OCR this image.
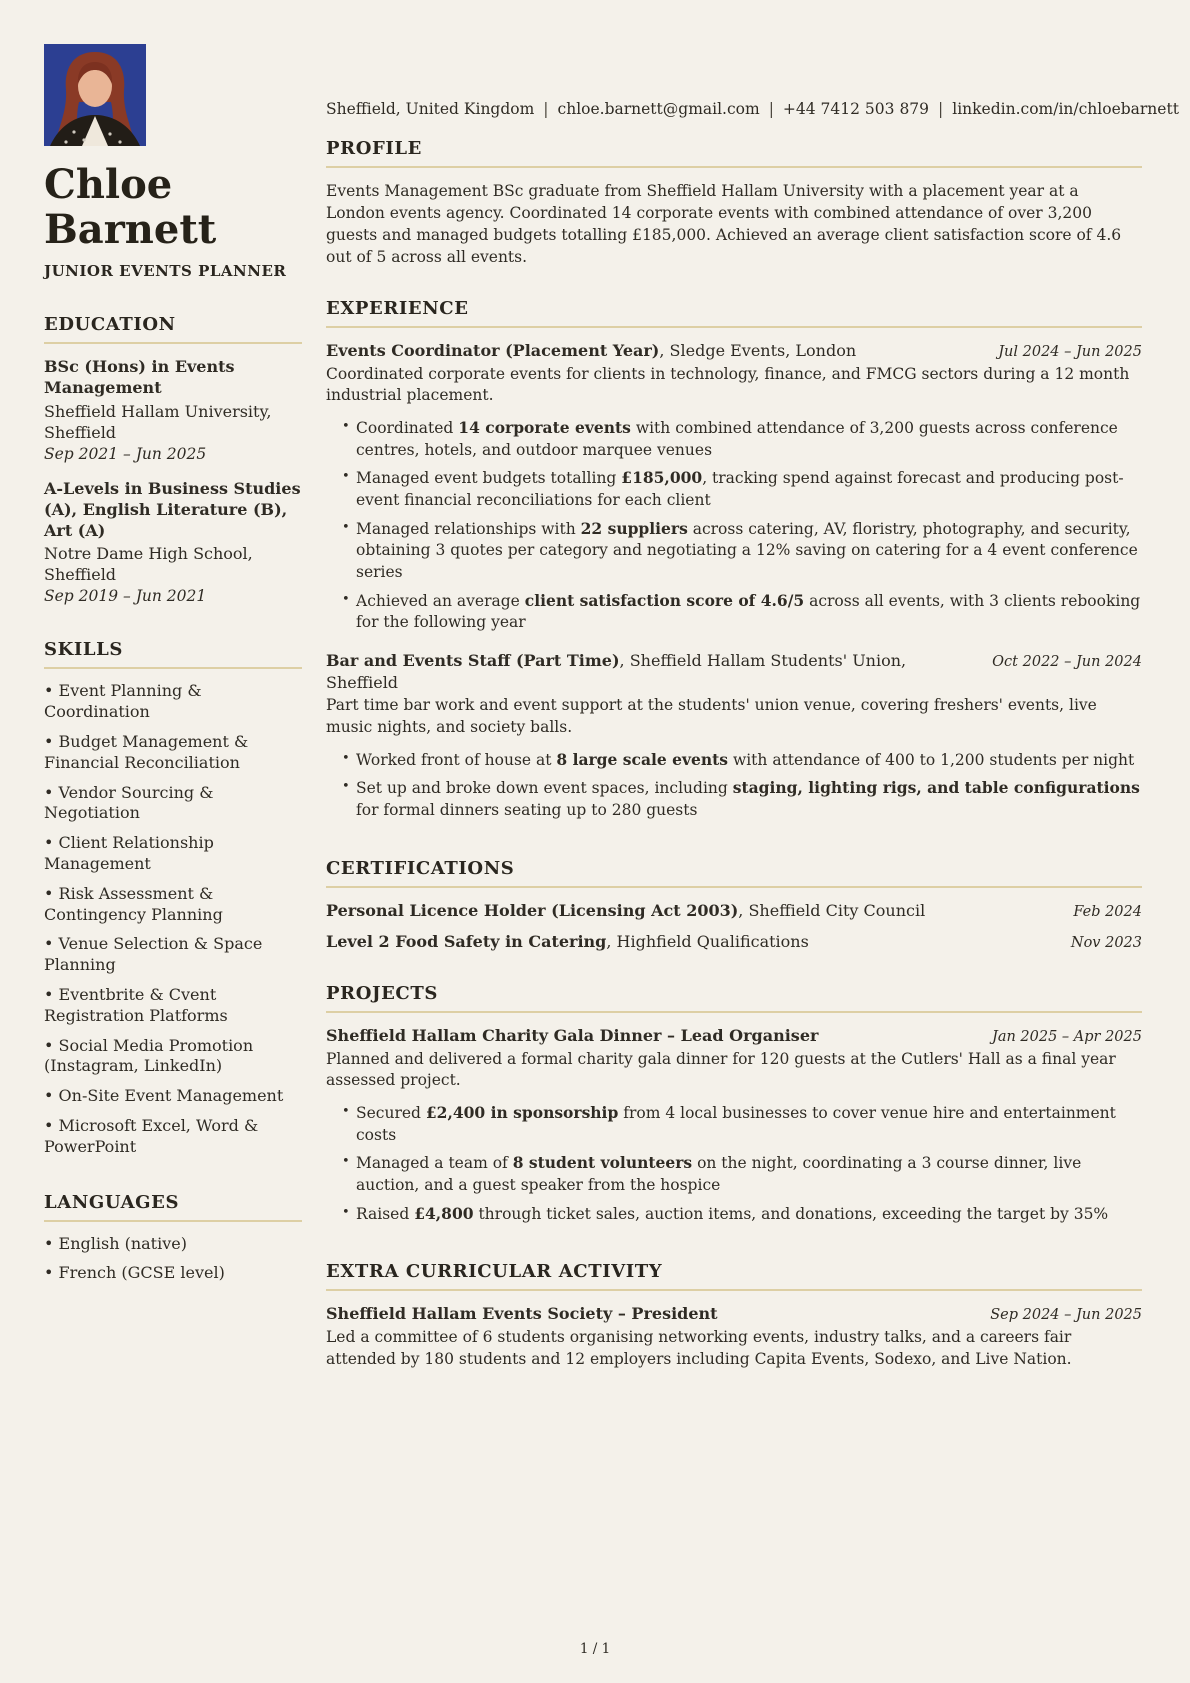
Chloe Barnett
JUNIOR EVENTS PLANNER
EDUCATION
BSc (Hons) in Events Management
Sheffield Hallam University, Sheffield
Sep 2021 – Jun 2025
A-Levels in Business Studies (A), English Literature (B), Art (A)
Notre Dame High School, Sheffield
Sep 2019 – Jun 2021
SKILLS
• Event Planning & Coordination
• Budget Management & Financial Reconciliation
• Vendor Sourcing & Negotiation
• Client Relationship Management
• Risk Assessment & Contingency Planning
• Venue Selection & Space Planning
• Eventbrite & Cvent Registration Platforms
• Social Media Promotion (Instagram, LinkedIn)
• On-Site Event Management
• Microsoft Excel, Word & PowerPoint
LANGUAGES
• English (native)
• French (GCSE level)
Sheffield, United Kingdom | chloe.barnett@gmail.com | +44 7412 503 879 | linkedin.com/in/chloebarnett
PROFILE
Events Management BSc graduate from Sheffield Hallam University with a placement year at a London events agency. Coordinated 14 corporate events with combined attendance of over 3,200 guests and managed budgets totalling £185,000. Achieved an average client satisfaction score of 4.6 out of 5 across all events.
EXPERIENCE
Events Coordinator (Placement Year), Sledge Events, London	Jul 2024 – Jun 2025
Coordinated corporate events for clients in technology, finance, and FMCG sectors during a 12 month industrial placement.
• Coordinated 14 corporate events with combined attendance of 3,200 guests across conference centres, hotels, and outdoor marquee venues
• Managed event budgets totalling £185,000, tracking spend against forecast and producing post-event financial reconciliations for each client
• Managed relationships with 22 suppliers across catering, AV, floristry, photography, and security, obtaining 3 quotes per category and negotiating a 12% saving on catering for a 4 event conference series
• Achieved an average client satisfaction score of 4.6/5 across all events, with 3 clients rebooking for the following year
Bar and Events Staff (Part Time), Sheffield Hallam Students' Union, Sheffield
Oct 2022 – Jun 2024
Part time bar work and event support at the students' union venue, covering freshers' events, live music nights, and society balls.
• Worked front of house at 8 large scale events with attendance of 400 to 1,200 students per night
• Set up and broke down event spaces, including staging, lighting rigs, and table configurations for formal dinners seating up to 280 guests
CERTIFICATIONS
Personal Licence Holder (Licensing Act 2003), Sheffield City Council	Feb 2024
Level 2 Food Safety in Catering, Highfield Qualifications	Nov 2023
PROJECTS
Sheffield Hallam Charity Gala Dinner – Lead Organiser	Jan 2025 – Apr 2025
Planned and delivered a formal charity gala dinner for 120 guests at the Cutlers' Hall as a final year assessed project.
• Secured £2,400 in sponsorship from 4 local businesses to cover venue hire and entertainment costs
• Managed a team of 8 student volunteers on the night, coordinating a 3 course dinner, live auction, and a guest speaker from the hospice
• Raised £4,800 through ticket sales, auction items, and donations, exceeding the target by 35%
EXTRA CURRICULAR ACTIVITY
Sheffield Hallam Events Society – President	Sep 2024 – Jun 2025
Led a committee of 6 students organising networking events, industry talks, and a careers fair attended by 180 students and 12 employers including Capita Events, Sodexo, and Live Nation.
1 / 1
